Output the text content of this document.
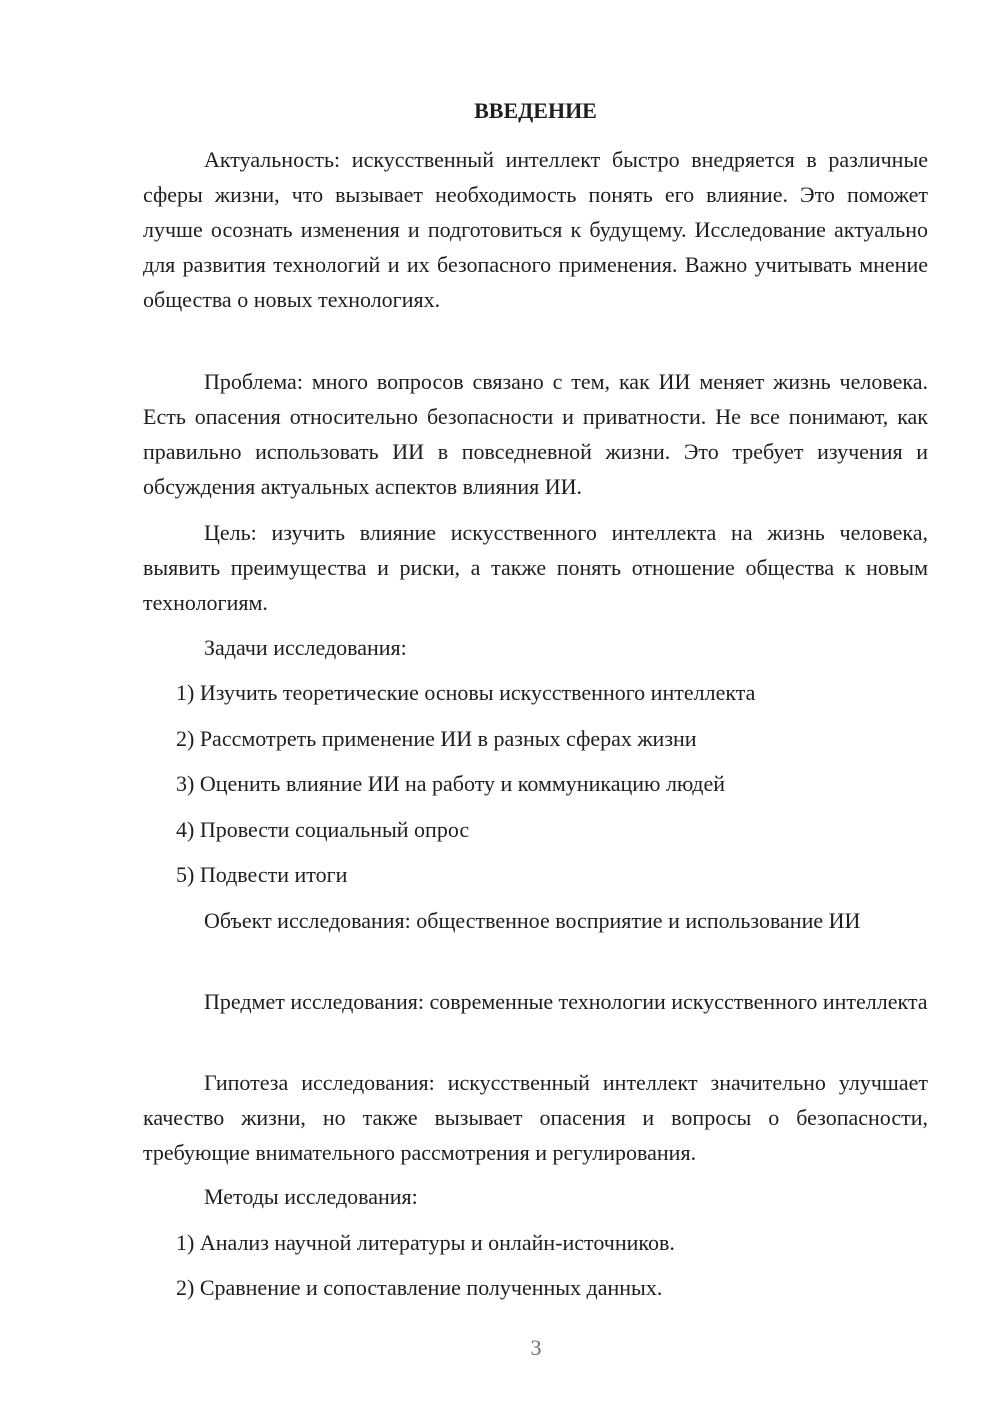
ВВЕДЕНИЕ

Актуальность: искусственный интеллект быстро внедряется в различные сферы жизни, что вызывает необходимость понять его влияние. Это поможет лучше осознать изменения и подготовиться к будущему. Исследование актуально для развития технологий и их безопасного применения. Важно учитывать мнение общества о новых технологиях.

Проблема: много вопросов связано с тем, как ИИ меняет жизнь человека. Есть опасения относительно безопасности и приватности. Не все понимают, как правильно использовать ИИ в повседневной жизни. Это требует изучения и обсуждения актуальных аспектов влияния ИИ.

Цель: изучить влияние искусственного интеллекта на жизнь человека, выявить преимущества и риски, а также понять отношение общества к новым технологиям.

Задачи исследования:

1) Изучить теоретические основы искусственного интеллекта

2) Рассмотреть применение ИИ в разных сферах жизни

3) Оценить влияние ИИ на работу и коммуникацию людей

4) Провести социальный опрос

5) Подвести итоги

Объект исследования: общественное восприятие и использование ИИ

Предмет исследования: современные технологии искусственного интеллекта

Гипотеза исследования: искусственный интеллект значительно улучшает качество жизни, но также вызывает опасения и вопросы о безопасности, требующие внимательного рассмотрения и регулирования.

Методы исследования:

1) Анализ научной литературы и онлайн-источников.

2) Сравнение и сопоставление полученных данных.

3
